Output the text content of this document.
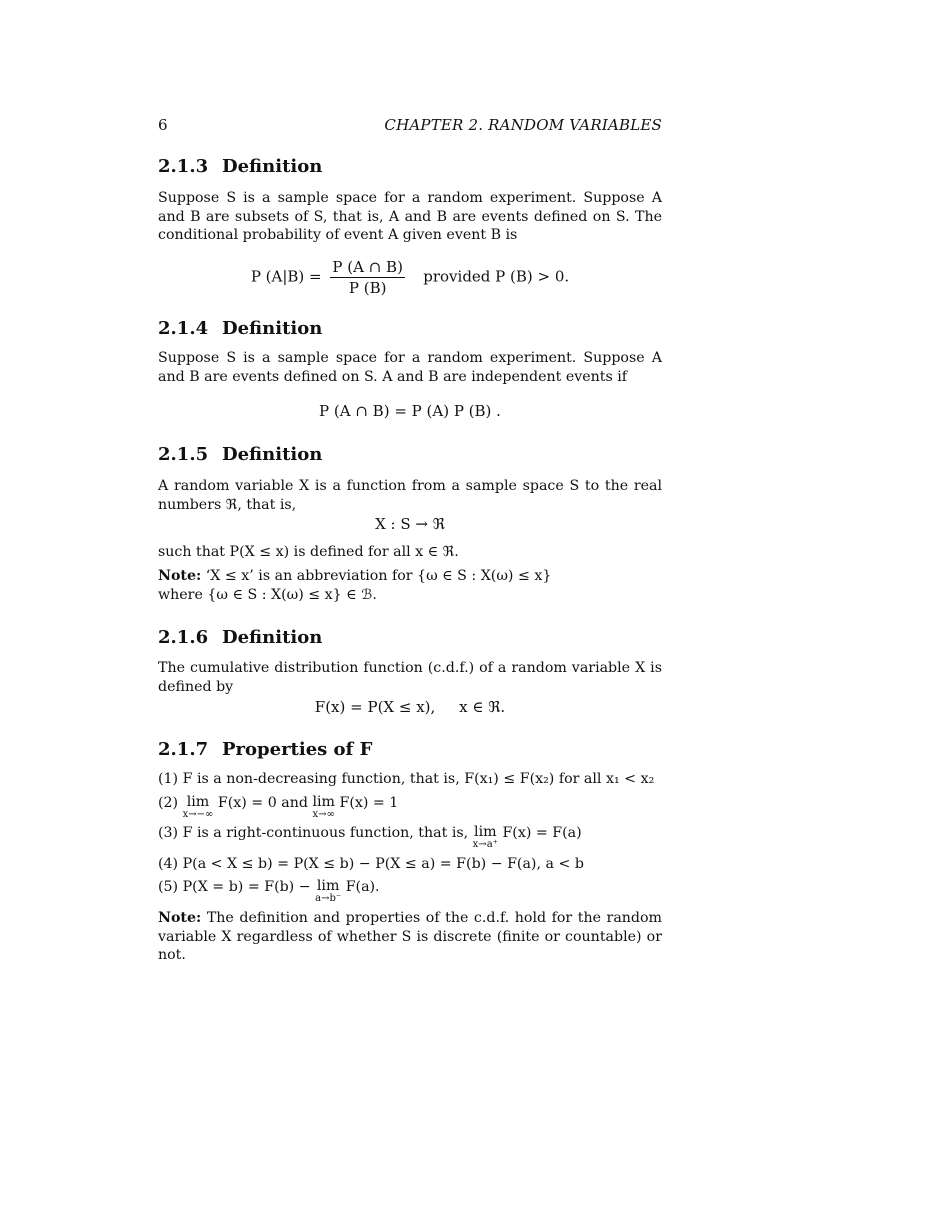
6	CHAPTER 2. RANDOM VARIABLES
2.1.3 Definition
Suppose S is a sample space for a random experiment. Suppose A and B are subsets of S, that is, A and B are events defined on S. The conditional probability of event A given event B is
P $(A|B) = \frac{P (A \cap B)}{P (B)}$ provided P (B) > 0.
2.1.4 Definition
Suppose S is a sample space for a random experiment. Suppose A and B are events defined on S. A and B are independent events if
P (A ∩ B) = P (A) P (B) .
2.1.5 Definition
A random variable X is a function from a sample space S to the real numbers ℜ, that is,
X : S → ℜ
such that P(X ≤ x) is defined for all x ∈ ℜ.
Note: ‘X ≤ x’ is an abbreviation for {ω ∈ S : X(ω) ≤ x}
where {ω ∈ S : X(ω) ≤ x} ∈ ℬ.
2.1.6 Definition
The cumulative distribution function (c.d.f.) of a random variable X is defined by
F(x) = P(X ≤ x),     x ∈ ℜ.
2.1.7 Properties of F
(1) F is a non-decreasing function, that is, F(x₁) ≤ F(x₂) for all x₁ < x₂
(2) lim
x→−∞
F(x) = 0 and lim
x→∞
F(x) = 1
(3) F is a right-continuous function, that is, lim
x→a⁺
F(x) = F(a)
(4) P(a < X ≤ b) = P(X ≤ b) − P(X ≤ a) = F(b) − F(a), a < b
(5) P(X = b) = F(b) − lim
a→b⁻
F(a).
Note: The definition and properties of the c.d.f. hold for the random variable X regardless of whether S is discrete (finite or countable) or not.
